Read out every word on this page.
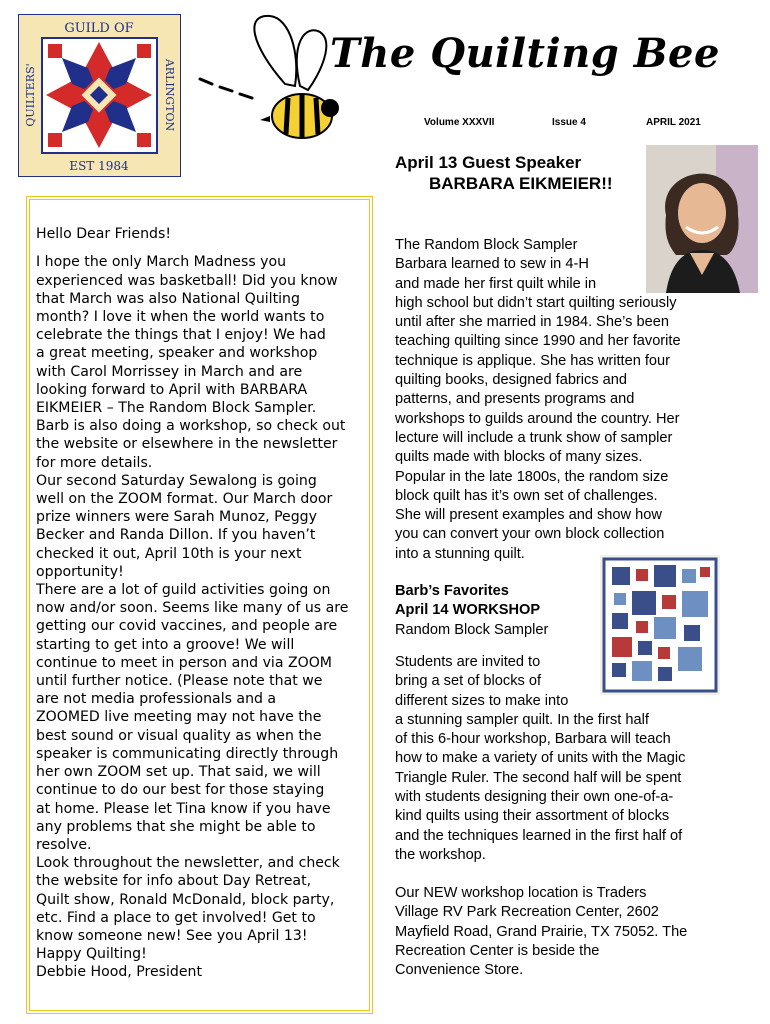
GUILD OF
EST 1984
QUILTERS'	ARLINGTON
The Quilting Bee
Volume XXXVII	Issue 4	APRIL 2021

Hello Dear Friends!
I hope the only March Madness you
experienced was basketball! Did you know
that March was also National Quilting
month? I love it when the world wants to
celebrate the things that I enjoy! We had
a great meeting, speaker and workshop
with Carol Morrissey in March and are
looking forward to April with BARBARA
EIKMEIER – The Random Block Sampler.
Barb is also doing a workshop, so check out
the website or elsewhere in the newsletter
for more details.
Our second Saturday Sewalong is going
well on the ZOOM format. Our March door
prize winners were Sarah Munoz, Peggy
Becker and Randa Dillon. If you haven’t
checked it out, April 10th is your next
opportunity!
There are a lot of guild activities going on
now and/or soon. Seems like many of us are
getting our covid vaccines, and people are
starting to get into a groove! We will
continue to meet in person and via ZOOM
until further notice. (Please note that we
are not media professionals and a
ZOOMED live meeting may not have the
best sound or visual quality as when the
speaker is communicating directly through
her own ZOOM set up. That said, we will
continue to do our best for those staying
at home. Please let Tina know if you have
any problems that she might be able to
resolve.
Look throughout the newsletter, and check
the website for info about Day Retreat,
Quilt show, Ronald McDonald, block party,
etc. Find a place to get involved! Get to
know someone new! See you April 13!
Happy Quilting!
Debbie Hood, President

April 13 Guest Speaker
BARBARA EIKMEIER!!
The Random Block Sampler
Barbara learned to sew in 4-H
and made her first quilt while in
high school but didn’t start quilting seriously
until after she married in 1984. She’s been
teaching quilting since 1990 and her favorite
technique is applique. She has written four
quilting books, designed fabrics and
patterns, and presents programs and
workshops to guilds around the country. Her
lecture will include a trunk show of sampler
quilts made with blocks of many sizes.
Popular in the late 1800s, the random size
block quilt has it’s own set of challenges.
She will present examples and show how
you can convert your own block collection
into a stunning quilt.
Barb’s Favorites
April 14 WORKSHOP
Random Block Sampler
Students are invited to
bring a set of blocks of
different sizes to make into
a stunning sampler quilt. In the first half
of this 6-hour workshop, Barbara will teach
how to make a variety of units with the Magic
Triangle Ruler. The second half will be spent
with students designing their own one-of-a-
kind quilts using their assortment of blocks
and the techniques learned in the first half of
the workshop.
Our NEW workshop location is Traders
Village RV Park Recreation Center, 2602
Mayfield Road, Grand Prairie, TX 75052. The
Recreation Center is beside the
Convenience Store.
